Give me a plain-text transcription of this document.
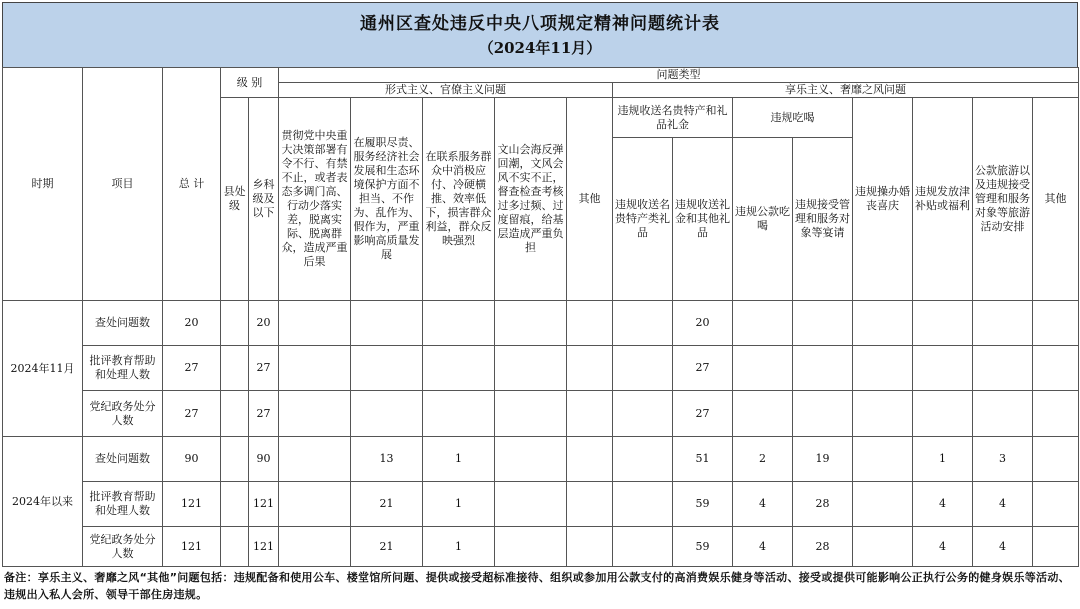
通州区查处违反中央八项规定精神问题统计表
（2024年11月）
时期	项目	总 计	级 别		问题类型												
					形式主义、官僚主义问题					享乐主义、奢靡之风问题							
			县处级	乡科级及以下	贯彻党中央重大决策部署有令不行、有禁不止，或者表态多调门高、行动少落实差，脱离实际、脱离群众，造成严重后果	在履职尽责、服务经济社会发展和生态环境保护方面不担当、不作为、乱作为、假作为，严重影响高质量发展	在联系服务群众中消极应付、冷硬横推、效率低下，损害群众利益，群众反映强烈	文山会海反弹回潮，文风会风不实不正，督查检查考核过多过频、过度留痕，给基层造成严重负担	其他	违规收送名贵特产和礼品礼金		违规吃喝		违规操办婚丧喜庆	违规发放津补贴或福利	公款旅游以及违规接受管理和服务对象等旅游活动安排	其他
										违规收送名贵特产类礼品	违规收送礼金和其他礼品	违规公款吃喝	违规接受管理和服务对象等宴请				
2024年11月	查处问题数	20		20							20						
	批评教育帮助和处理人数	27		27							27						
	党纪政务处分人数	27		27							27						
2024年以来	查处问题数	90		90		13	1				51	2	19		1	3	
	批评教育帮助和处理人数	121		121		21	1				59	4	28		4	4	
	党纪政务处分人数	121		121		21	1				59	4	28		4	4	
备注：享乐主义、奢靡之风“其他”问题包括：违规配备和使用公车、楼堂馆所问题、提供或接受超标准接待、组织或参加用公款支付的高消费娱乐健身等活动、接受或提供可能影响公正执行公务的健身娱乐等活动、违规出入私人会所、领导干部住房违规。
